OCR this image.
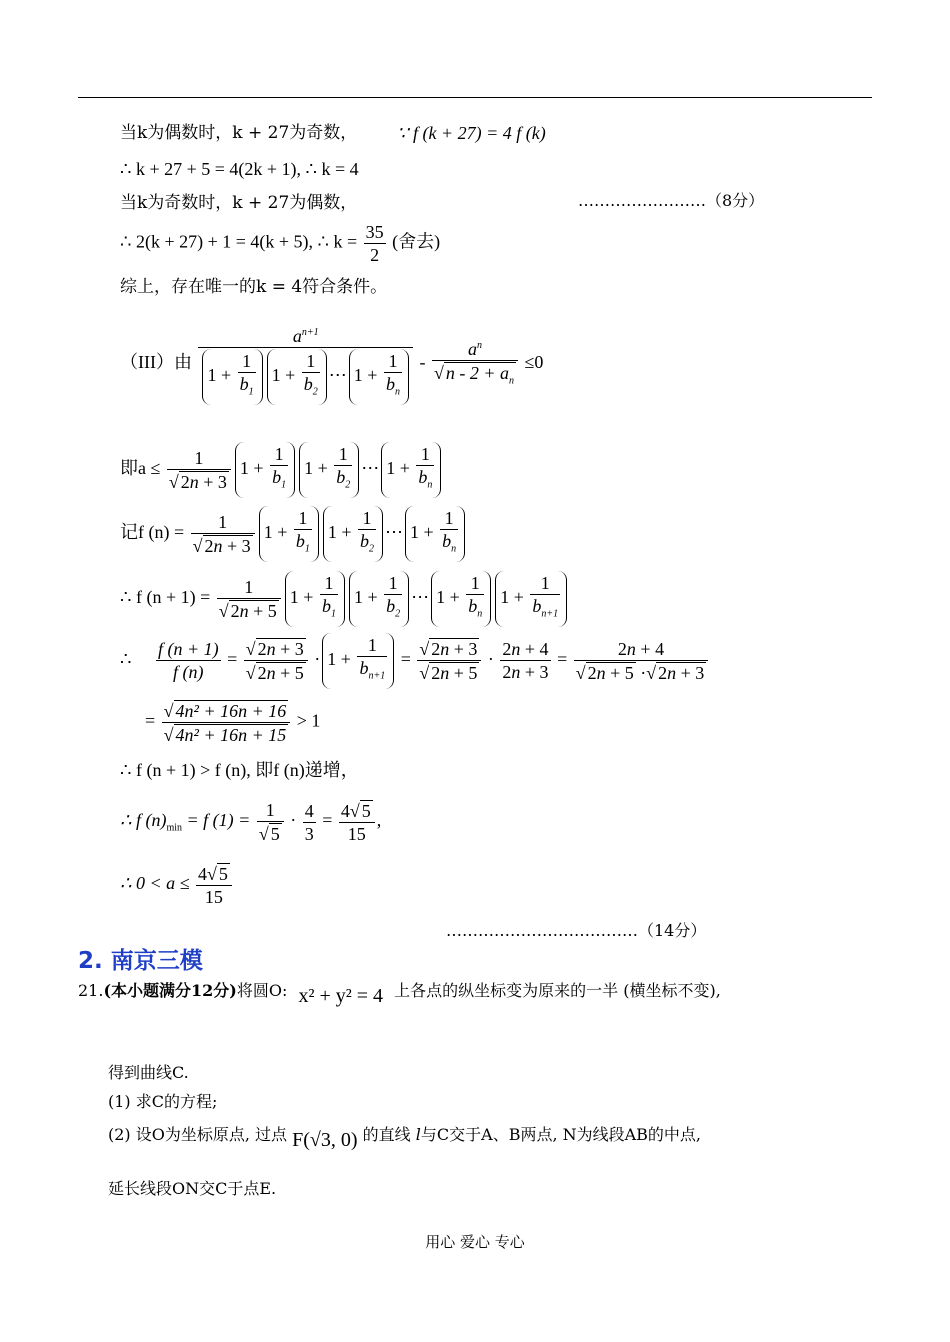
当k为偶数时，k + 27为奇数， ∵ f (k + 27) = 4 f (k)
∴ k + 27 + 5 = 4(2k + 1), ∴ k = 4
当k为奇数时，k + 27为偶数，	……………………（8分）
∴ 2(k + 27) + 1 = 4(k + 5), ∴ $k = \frac{35}{2}$ (舍去)
综上，存在唯一的k = 4符合条件。
（III）由 $\frac{a^{n+1}}{1 + \frac{1}{b_1} 1 + \frac{1}{b_2} \cdots 1 + \frac{1}{b_n}} - \frac{a^n}{√ n - 2 + a_n} \le 0$
即$a \le \frac{1}{√ 2n + 3} 1 + \frac{1}{b_1} 1 + \frac{1}{b_2}$ ⋯ $1 + \frac{1}{b_n}$
记f $(n) = \frac{1}{√ 2n + 3} 1 + \frac{1}{b_1} 1 + \frac{1}{b_2}$ ⋯ $1 + \frac{1}{b_n}$
∴ f $(n + 1) = \frac{1}{√ 2n + 5} 1 + \frac{1}{b_1} 1 + \frac{1}{b_2}$ ⋯ $1 + \frac{1}{b_n} 1 + \frac{1}{b_{n+1}}$
∴ $\frac{f (n + 1)}{f (n)} = \frac{√ 2n + 3}{√ 2n + 5} \cdot 1 + \frac{1}{b_{n+1}} = \frac{√ 2n + 3}{√ 2n + 5} \cdot \frac{2n + 4}{2n + 3} = \frac{2n + 4}{√ 2n + 5 \cdot√ 2n + 3}$
= $\frac{\text{√ 4n² + 16n + 16}}{\text{√ 4n² + 16n + 15}} > 1$
∴ f (n + 1) > f (n), 即f (n)递增，
∴ f $(n)_{min} = f$ $(1) = \frac{1}{√ 5} \cdot \frac{4}{3} = \frac{4√ 5}{15}$ ,
∴ $0 < a \le \frac{4√ 5}{15}$
………………………………（14分）
2. 南京三模
21.(本小题满分12分)将圆O: x² + y² = 4 上各点的纵坐标变为原来的一半 (横坐标不变),
得到曲线C.
(1) 求C的方程;
(2) 设O为坐标原点, 过点 F(√3, 0) 的直线 l与C交于A、B两点, N为线段AB的中点,
延长线段ON交C于点E.
用心 爱心 专心
